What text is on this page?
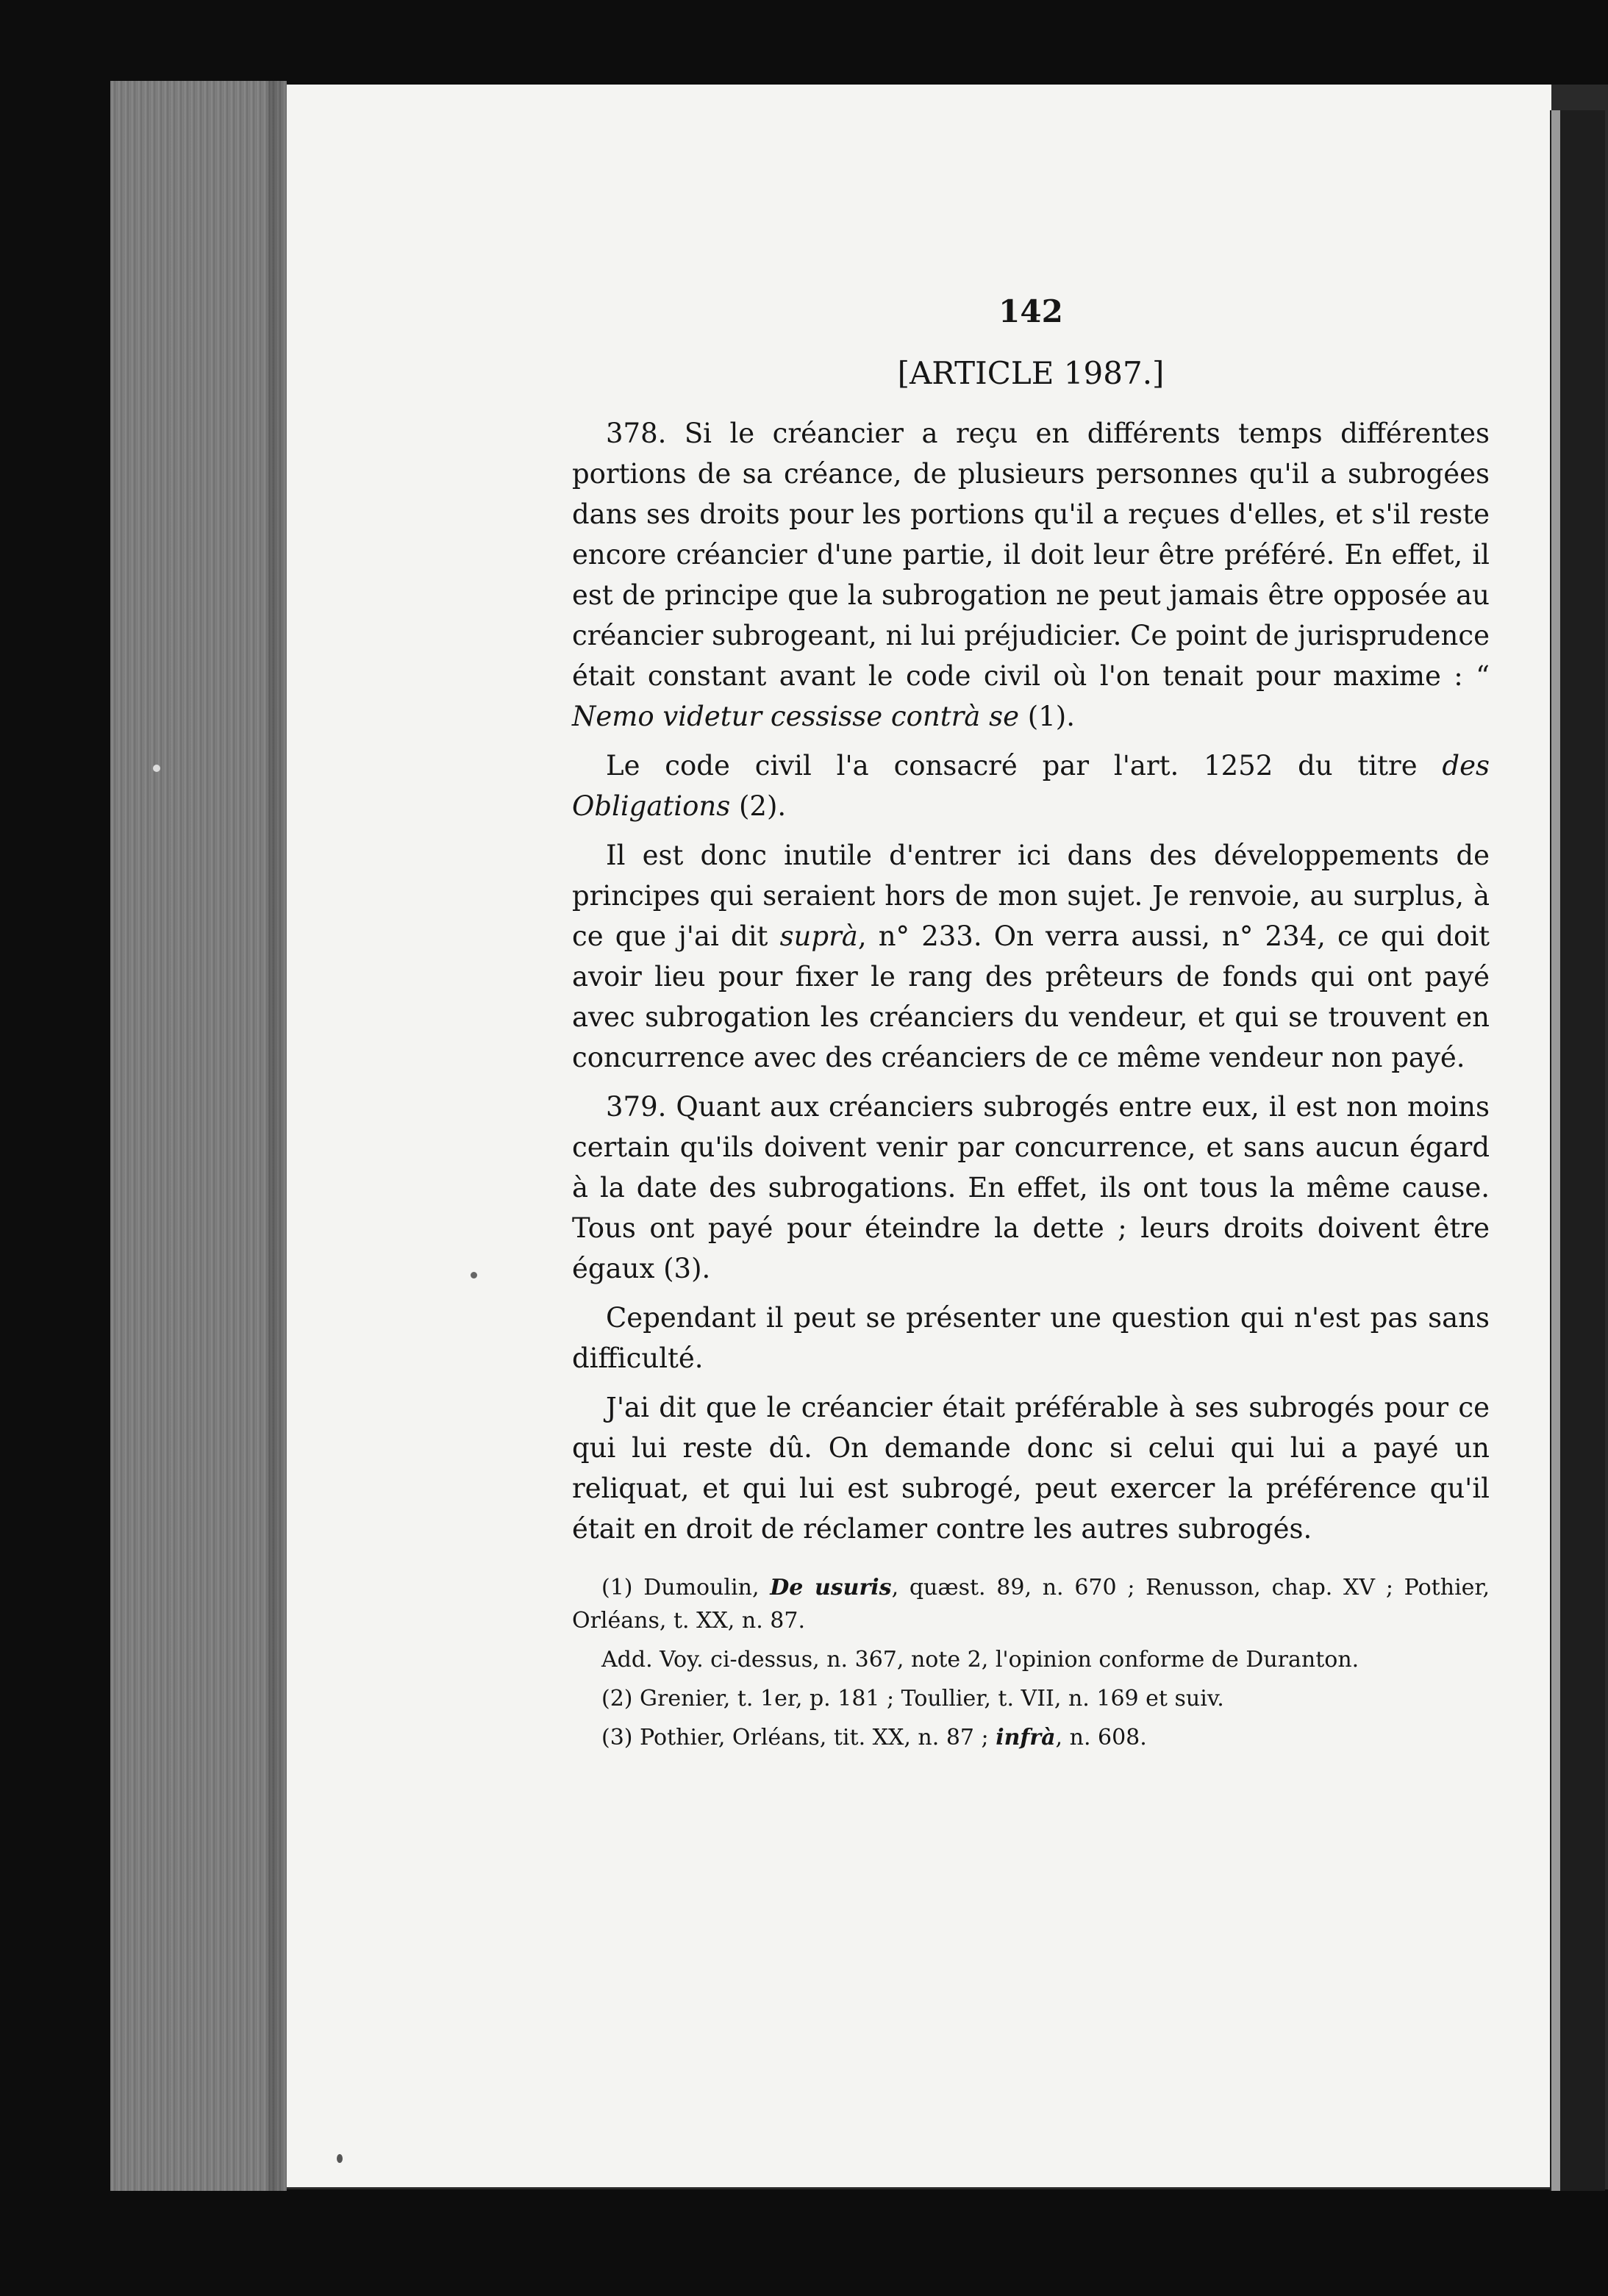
142

[ARTICLE 1987.]

378. Si le créancier a reçu en différents temps différentes portions de sa créance, de plusieurs personnes qu'il a subrogées dans ses droits pour les portions qu'il a reçues d'elles, et s'il reste encore créancier d'une partie, il doit leur être préféré. En effet, il est de principe que la subrogation ne peut jamais être opposée au créancier subrogeant, ni lui préjudicier. Ce point de jurisprudence était constant avant le code civil où l'on tenait pour maxime : “ Nemo videtur cessisse contrà se (1).

Le code civil l'a consacré par l'art. 1252 du titre des Obligations (2).

Il est donc inutile d'entrer ici dans des développements de principes qui seraient hors de mon sujet. Je renvoie, au surplus, à ce que j'ai dit suprà, n° 233. On verra aussi, n° 234, ce qui doit avoir lieu pour fixer le rang des prêteurs de fonds qui ont payé avec subrogation les créanciers du vendeur, et qui se trouvent en concurrence avec des créanciers de ce même vendeur non payé.

379. Quant aux créanciers subrogés entre eux, il est non moins certain qu'ils doivent venir par concurrence, et sans aucun égard à la date des subrogations. En effet, ils ont tous la même cause. Tous ont payé pour éteindre la dette ; leurs droits doivent être égaux (3).

Cependant il peut se présenter une question qui n'est pas sans difficulté.

J'ai dit que le créancier était préférable à ses subrogés pour ce qui lui reste dû. On demande donc si celui qui lui a payé un reliquat, et qui lui est subrogé, peut exercer la préférence qu'il était en droit de réclamer contre les autres subrogés.

(1) Dumoulin, De usuris, quæst. 89, n. 670 ; Renusson, chap. XV ; Pothier, Orléans, t. XX, n. 87.

Add. Voy. ci-dessus, n. 367, note 2, l'opinion conforme de Duranton.

(2) Grenier, t. 1er, p. 181 ; Toullier, t. VII, n. 169 et suiv.

(3) Pothier, Orléans, tit. XX, n. 87 ; infrà, n. 608.
